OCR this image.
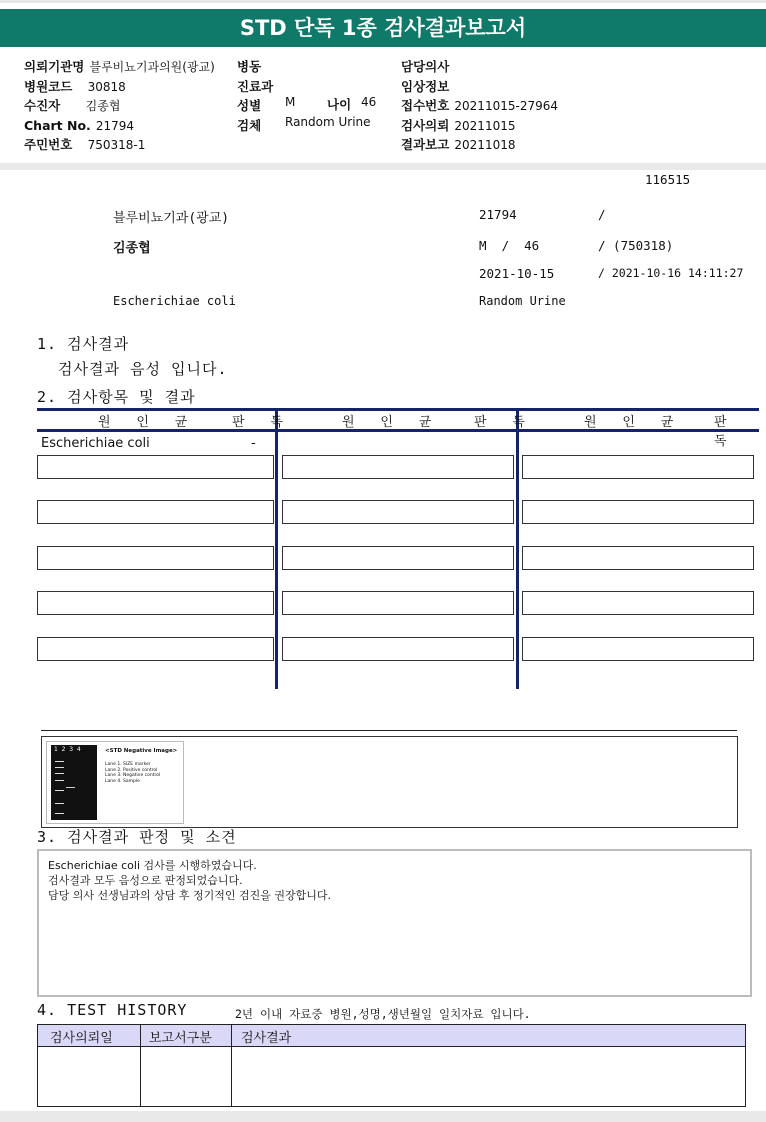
STD 단독 1종 검사결과보고서
의뢰기관명 블루비뇨기과의원(광교)
병원코드 30818
수진자 김종협
Chart No. 21794
주민번호 750318-1
병동
진료과
성별 M	나이 46
검체 Random Urine
담당의사
임상정보
접수번호 20211015-27964
검사의뢰 20211015
결과보고 20211018
116515
블루비뇨기과(광교)	21794	/
김종협	M  /  46	/ (750318)
2021-10-15	/ 2021-10-16 14:11:27
Escherichiae coli	Random Urine
1. 검사결과
검사결과 음성 입니다.
2. 검사항목 및 결과
원 인 균	판 독	원 인 균	판 독	원 인 균 판 독
Escherichiae coli	-
1  2  3  4	<STD Negative Image>
Lane 1. SIZE marker
Lane 2. Positive control
Lane 3. Negative control
Lane 4. Sample
3. 검사결과 판정 및 소견
Escherichiae coli 검사를 시행하였습니다.
검사결과 모두 음성으로 판정되었습니다.
담당 의사 선생님과의 상담 후 정기적인 검진을 권장합니다.
4. TEST HISTORY	2년 이내 자료중 병원,성명,생년월일 일치자료 입니다.
검사의뢰일	보고서구분 검사결과
